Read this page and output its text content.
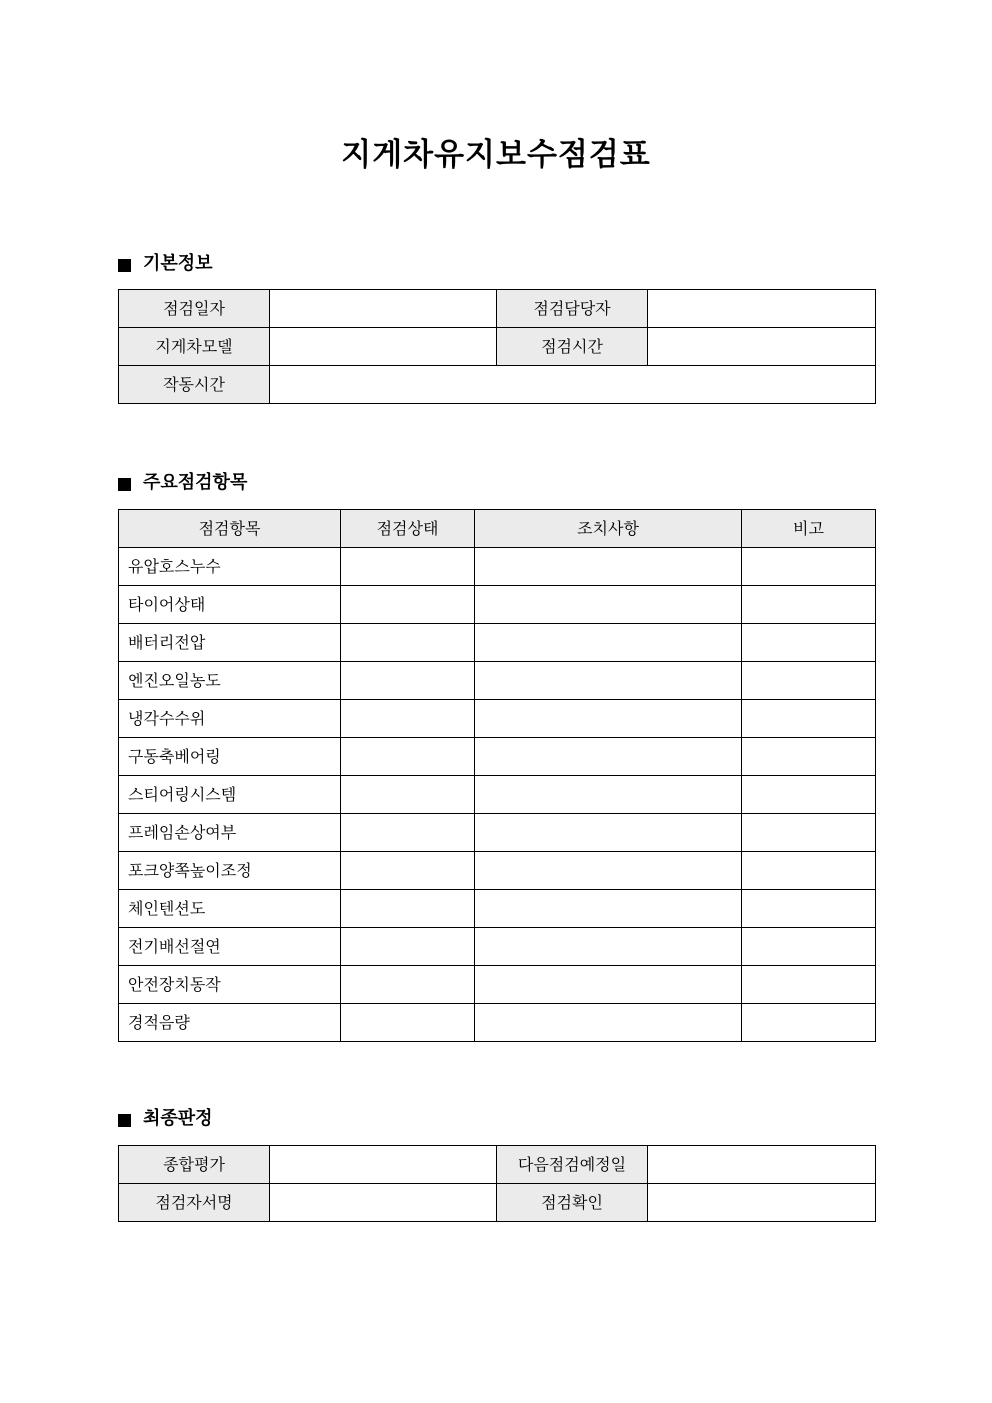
지게차유지보수점검표
기본정보
점검일자		점검담당자	
지게차모델		점검시간	
작동시간			
주요점검항목
점검항목	점검상태	조치사항	비고
유압호스누수			
타이어상태			
배터리전압			
엔진오일농도			
냉각수수위			
구동축베어링			
스티어링시스템			
프레임손상여부			
포크양쪽높이조정			
체인텐션도			
전기배선절연			
안전장치동작			
경적음량			
최종판정
종합평가		다음점검예정일	
점검자서명		점검확인	
